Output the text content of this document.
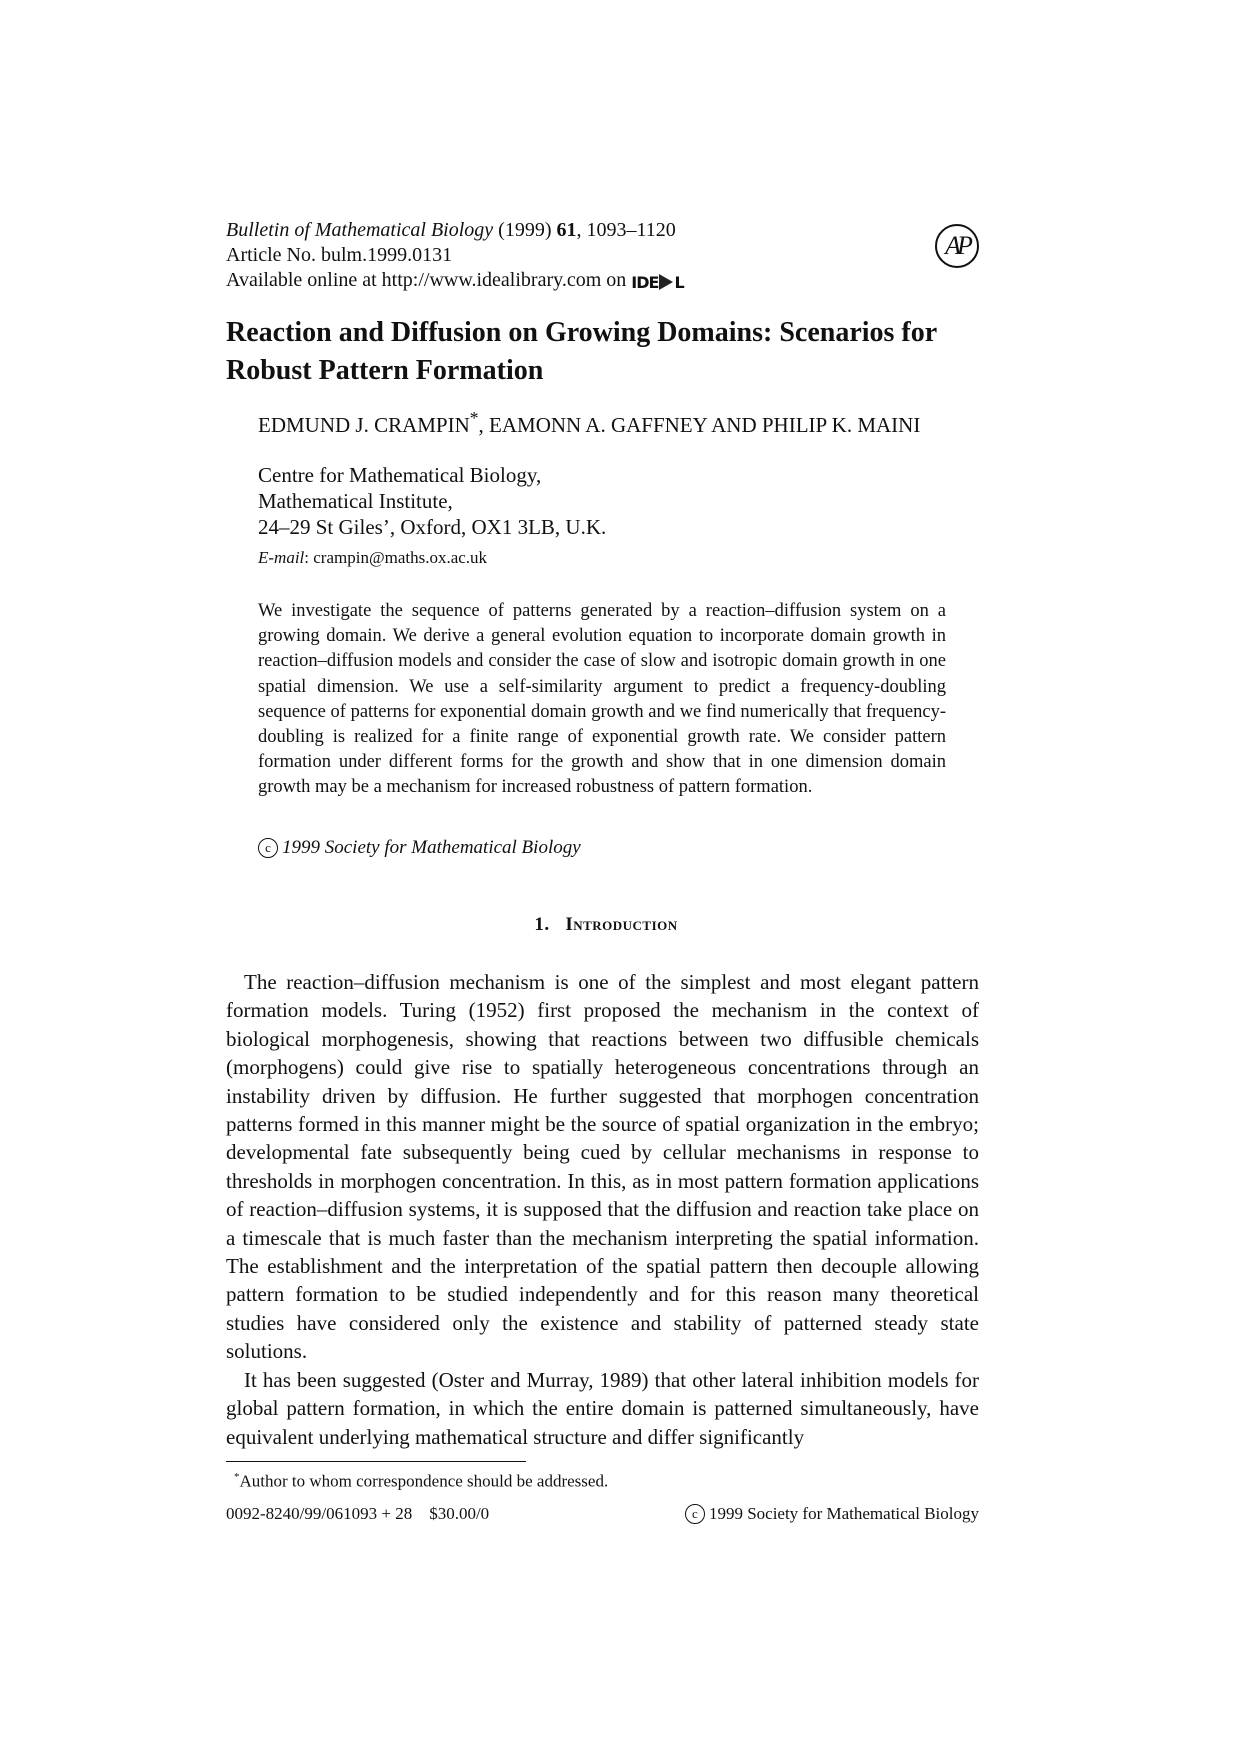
Bulletin of Mathematical Biology (1999) 61, 1093–1120
Article No. bulm.1999.0131
Available online at http://www.idealibrary.com on IDE L
AP
Reaction and Diffusion on Growing Domains: Scenarios for Robust Pattern Formation
EDMUND J. CRAMPIN*, EAMONN A. GAFFNEY AND PHILIP K. MAINI
Centre for Mathematical Biology,
Mathematical Institute,
24–29 St Giles’, Oxford, OX1 3LB, U.K.
E-mail: crampin@maths.ox.ac.uk

We investigate the sequence of patterns generated by a reaction–diffusion system on a growing domain. We derive a general evolution equation to incorporate domain growth in reaction–diffusion models and consider the case of slow and isotropic domain growth in one spatial dimension. We use a self-similarity argument to predict a frequency-doubling sequence of patterns for exponential domain growth and we find numerically that frequency-doubling is realized for a finite range of exponential growth rate. We consider pattern formation under different forms for the growth and show that in one dimension domain growth may be a mechanism for increased robustness of pattern formation.

c 1999 Society for Mathematical Biology
1. Introduction

The reaction–diffusion mechanism is one of the simplest and most elegant pattern formation models. Turing (1952) first proposed the mechanism in the context of biological morphogenesis, showing that reactions between two diffusible chemicals (morphogens) could give rise to spatially heterogeneous concentrations through an instability driven by diffusion. He further suggested that morphogen concentration patterns formed in this manner might be the source of spatial organization in the embryo; developmental fate subsequently being cued by cellular mechanisms in response to thresholds in morphogen concentration. In this, as in most pattern formation applications of reaction–diffusion systems, it is supposed that the diffusion and reaction take place on a timescale that is much faster than the mechanism interpreting the spatial information. The establishment and the interpretation of the spatial pattern then decouple allowing pattern formation to be studied independently and for this reason many theoretical studies have considered only the existence and stability of patterned steady state solutions.

It has been suggested (Oster and Murray, 1989) that other lateral inhibition models for global pattern formation, in which the entire domain is patterned simultaneously, have equivalent underlying mathematical structure and differ significantly

*Author to whom correspondence should be addressed.
0092-8240/99/061093 + 28 $30.00/0	c 1999 Society for Mathematical Biology
